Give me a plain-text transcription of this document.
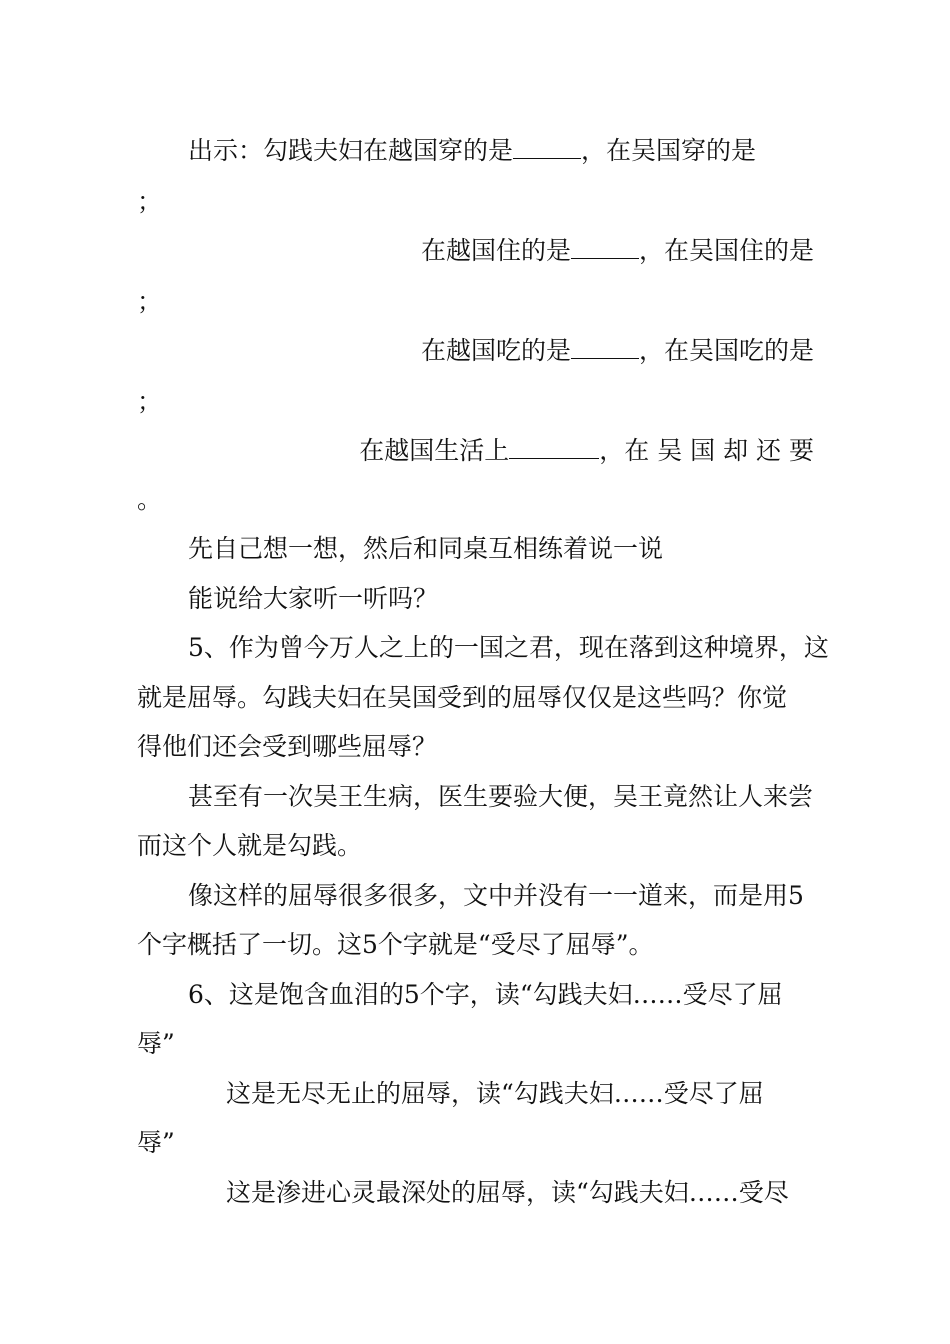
出示：勾践夫妇在越国穿的是	，在吴国穿的是
；
在越国住的是	，在吴国住的是
；
在越国吃的是	，在吴国吃的是
；
在越国生活上	，在 吴 国 却 还 要
。
先自己想一想，然后和同桌互相练着说一说
能说给大家听一听吗？
5、作为曾今万人之上的一国之君，现在落到这种境界，这
就是屈辱。勾践夫妇在吴国受到的屈辱仅仅是这些吗？你觉
得他们还会受到哪些屈辱？
甚至有一次吴王生病，医生要验大便，吴王竟然让人来尝
而这个人就是勾践。
像这样的屈辱很多很多，文中并没有一一道来，而是用5
个字概括了一切。这5个字就是“受尽了屈辱”。
6、这是饱含血泪的5个字，读“勾践夫妇……受尽了屈
辱”
这是无尽无止的屈辱，读“勾践夫妇……受尽了屈
辱”
这是渗进心灵最深处的屈辱，读“勾践夫妇……受尽
